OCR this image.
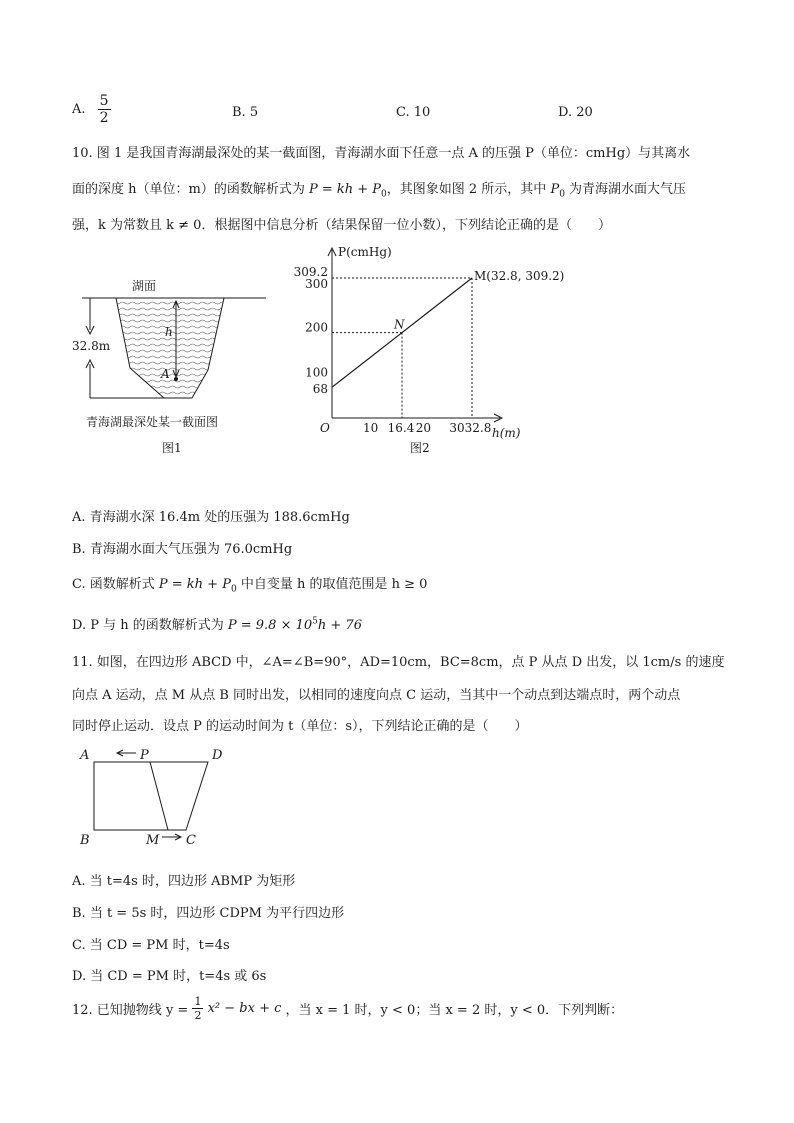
A. $\frac{5}{2}$	B. 5	C. 10	D. 20
10. 图 1 是我国青海湖最深处的某一截面图，青海湖水面下任意一点 A 的压强 P（单位：cmHg）与其离水
面的深度 h（单位：m）的函数解析式为 P = kh + $P_0$，其图象如图 2 所示，其中 $P_0$ 为青海湖水面大气压
强，k 为常数且 k ≠ 0．根据图中信息分析（结果保留一位小数），下列结论正确的是（　　）
32.8m
湖面
h
A
青海湖最深处某一截面图
图1
P(cmHg)
h(m)
O
309.2
300
200
100
68
10 16.4 20 30 32.8
M(32.8, 309.2)
N
图2
A. 青海湖水深 16.4m 处的压强为 188.6cmHg
B. 青海湖水面大气压强为 76.0cmHg
C. 函数解析式 P = kh + $P_0$ 中自变量 h 的取值范围是 h ≥ 0
D. P 与 h 的函数解析式为 $P = 9.8 \times 10^5h + 76$
11. 如图，在四边形 ABCD 中，∠A=∠B=90°，AD=10cm，BC=8cm，点 P 从点 D 出发，以 1cm/s 的速度
向点 A 运动，点 M 从点 B 同时出发，以相同的速度向点 C 运动，当其中一个动点到达端点时，两个动点
同时停止运动．设点 P 的运动时间为 t（单位：s），下列结论正确的是（　　）
A	P	D
B	M C
A. 当 t=4s 时，四边形 ABMP 为矩形
B. 当 t = 5s 时，四边形 CDPM 为平行四边形
C. 当 CD = PM 时，t=4s
D. 当 CD = PM 时，t=4s 或 6s
12. 已知抛物线 $y = \frac{1}{2} x^2$ − bx + c ，当 x = 1 时，y < 0；当 x = 2 时，y < 0．下列判断：
